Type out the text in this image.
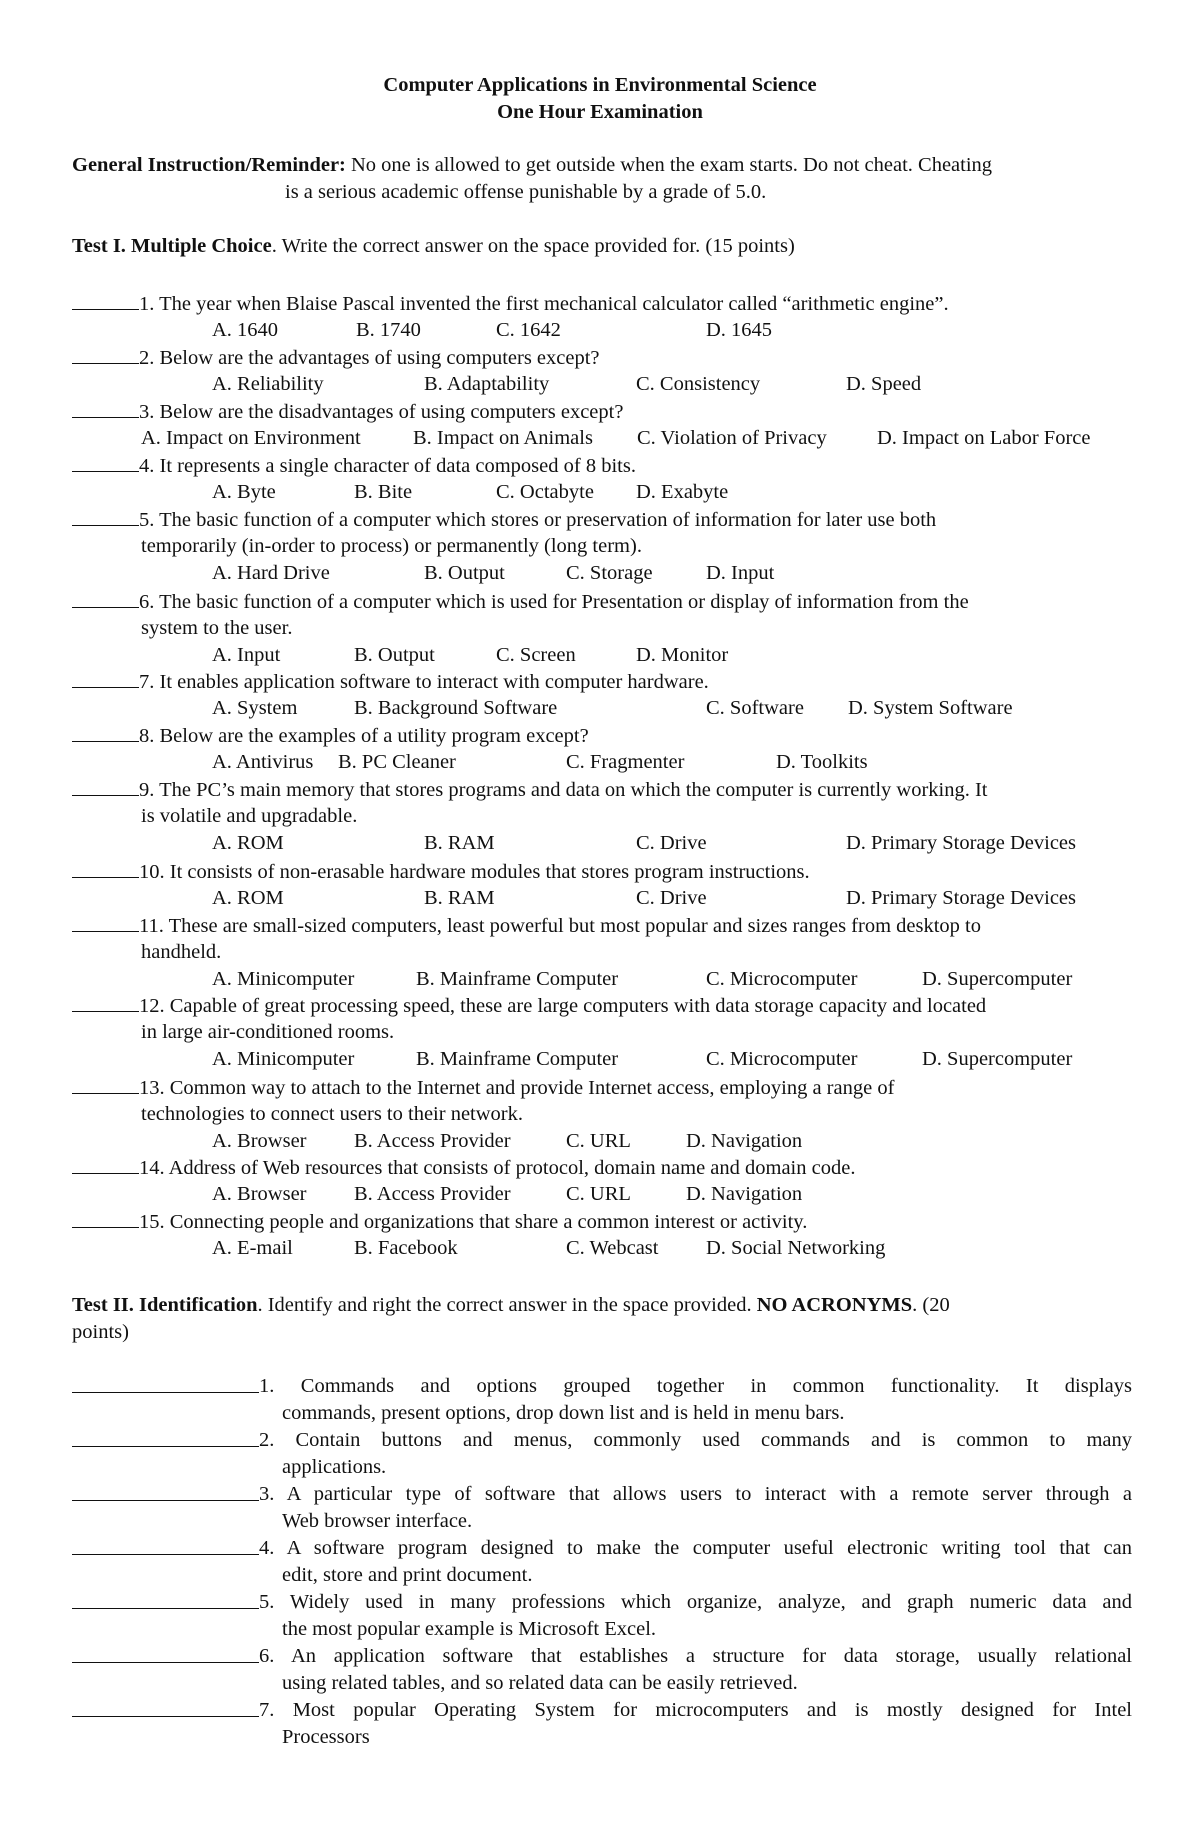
Computer Applications in Environmental Science
One Hour Examination
General Instruction/Reminder: No one is allowed to get outside when the exam starts. Do not cheat. Cheating
is a serious academic offense punishable by a grade of 5.0.
Test I. Multiple Choice. Write the correct answer on the space provided for. (15 points)
1. The year when Blaise Pascal invented the first mechanical calculator called “arithmetic engine”.
A. 1640	B. 1740	C. 1642	D. 1645
2. Below are the advantages of using computers except?
A. Reliability	B. Adaptability	C. Consistency	D. Speed
3. Below are the disadvantages of using computers except?
A. Impact on Environment	B. Impact on Animals C. Violation of Privacy D. Impact on Labor Force
4. It represents a single character of data composed of 8 bits.
A. Byte	B. Bite	C. Octabyte D. Exabyte
5. The basic function of a computer which stores or preservation of information for later use both
temporarily (in-order to process) or permanently (long term).
A. Hard Drive	B. Output	C. Storage	D. Input
6. The basic function of a computer which is used for Presentation or display of information from the
system to the user.
A. Input	B. Output	C. Screen	D. Monitor
7. It enables application software to interact with computer hardware.
A. System	B. Background Software	C. Software D. System Software
8. Below are the examples of a utility program except?
A. Antivirus B. PC Cleaner	C. Fragmenter	D. Toolkits
9. The PC’s main memory that stores programs and data on which the computer is currently working. It
is volatile and upgradable.
A. ROM	B. RAM	C. Drive	D. Primary Storage Devices
10. It consists of non-erasable hardware modules that stores program instructions.
A. ROM	B. RAM	C. Drive	D. Primary Storage Devices
11. These are small-sized computers, least powerful but most popular and sizes ranges from desktop to
handheld.
A. Minicomputer	B. Mainframe Computer	C. Microcomputer	D. Supercomputer
12. Capable of great processing speed, these are large computers with data storage capacity and located
in large air-conditioned rooms.
A. Minicomputer	B. Mainframe Computer	C. Microcomputer	D. Supercomputer
13. Common way to attach to the Internet and provide Internet access, employing a range of
technologies to connect users to their network.
A. Browser B. Access Provider	C. URL	D. Navigation
14. Address of Web resources that consists of protocol, domain name and domain code.
A. Browser B. Access Provider	C. URL	D. Navigation
15. Connecting people and organizations that share a common interest or activity.
A. E-mail	B. Facebook	C. Webcast D. Social Networking
Test II. Identification. Identify and right the correct answer in the space provided. NO ACRONYMS. (20
points)
1. Commands and options grouped together in common functionality. It displays
commands, present options, drop down list and is held in menu bars.
2. Contain buttons and menus, commonly used commands and is common to many
applications.
3. A particular type of software that allows users to interact with a remote server through a
Web browser interface.
4. A software program designed to make the computer useful electronic writing tool that can
edit, store and print document.
5. Widely used in many professions which organize, analyze, and graph numeric data and
the most popular example is Microsoft Excel.
6. An application software that establishes a structure for data storage, usually relational
using related tables, and so related data can be easily retrieved.
7. Most popular Operating System for microcomputers and is mostly designed for Intel
Processors
